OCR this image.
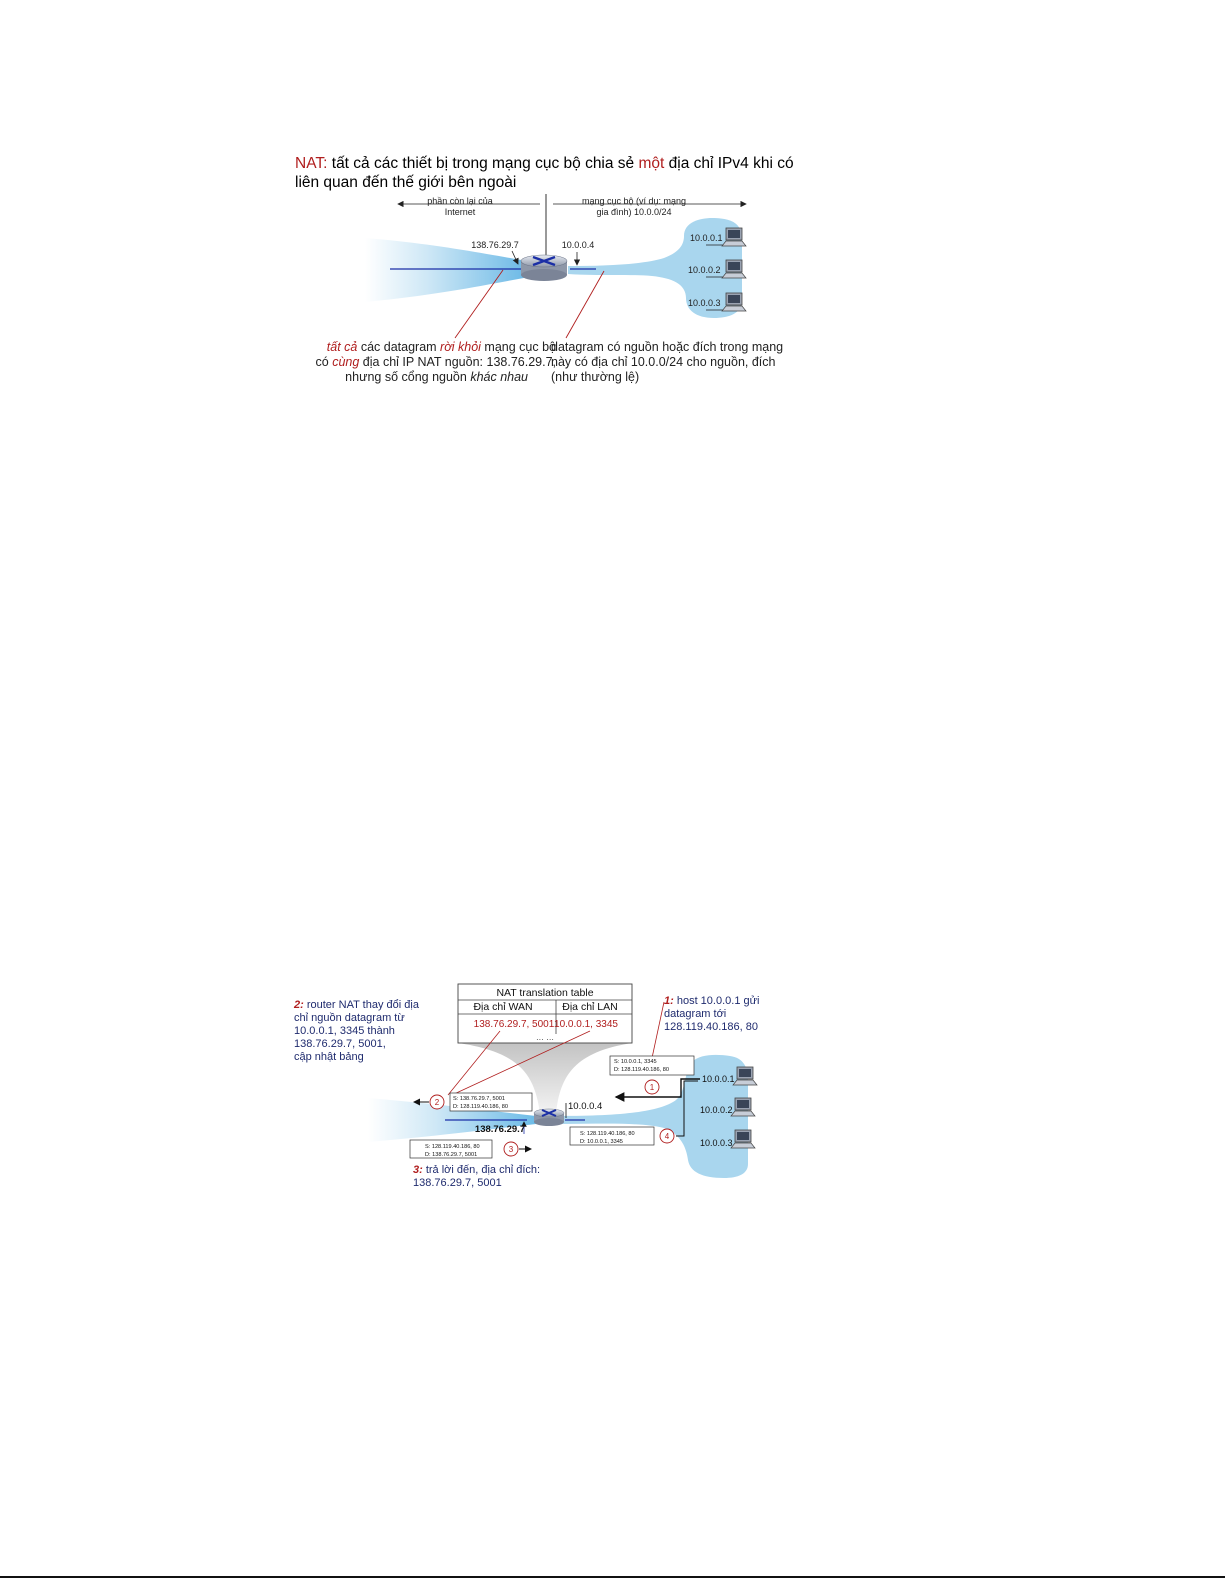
NAT: tất cả các thiết bị trong mạng cục bộ chia sẻ một địa chỉ IPv4 khi có
liên quan đến thế giới bên ngoài
phần còn lại của
Internet
mạng cục bộ (ví dụ: mạng
gia đình) 10.0.0/24
138.76.29.7	10.0.0.4
10.0.0.1
10.0.0.2
10.0.0.3
tất cả các datagram rời khỏi mạng cục bộ
có cùng địa chỉ IP NAT nguồn: 138.76.29.7,
nhưng số cổng nguồn khác nhau
datagram có nguồn hoặc đích trong mạng
này có địa chỉ 10.0.0/24 cho nguồn, đích
(như thường lệ)
NAT translation table
Địa chỉ WAN	Địa chỉ LAN
138.76.29.7, 5001 10.0.0.1, 3345
… …
10.0.0.4
138.76.29.7
S: 10.0.0.1, 3345
D: 128.119.40.186, 80
1
S: 138.76.29.7, 5001
D: 128.119.40.186, 80
2
S: 128.119.40.186, 80
D: 138.76.29.7, 5001
3
S: 128.119.40.186, 80
D: 10.0.0.1, 3345
4
10.0.0.1
10.0.0.2
10.0.0.3
2: router NAT thay đổi địa
chỉ nguồn datagram từ
10.0.0.1, 3345 thành
138.76.29.7, 5001,
cập nhật bảng
1: host 10.0.0.1 gửi
datagram tới
128.119.40.186, 80
3: trả lời đến, địa chỉ đích:
138.76.29.7, 5001
